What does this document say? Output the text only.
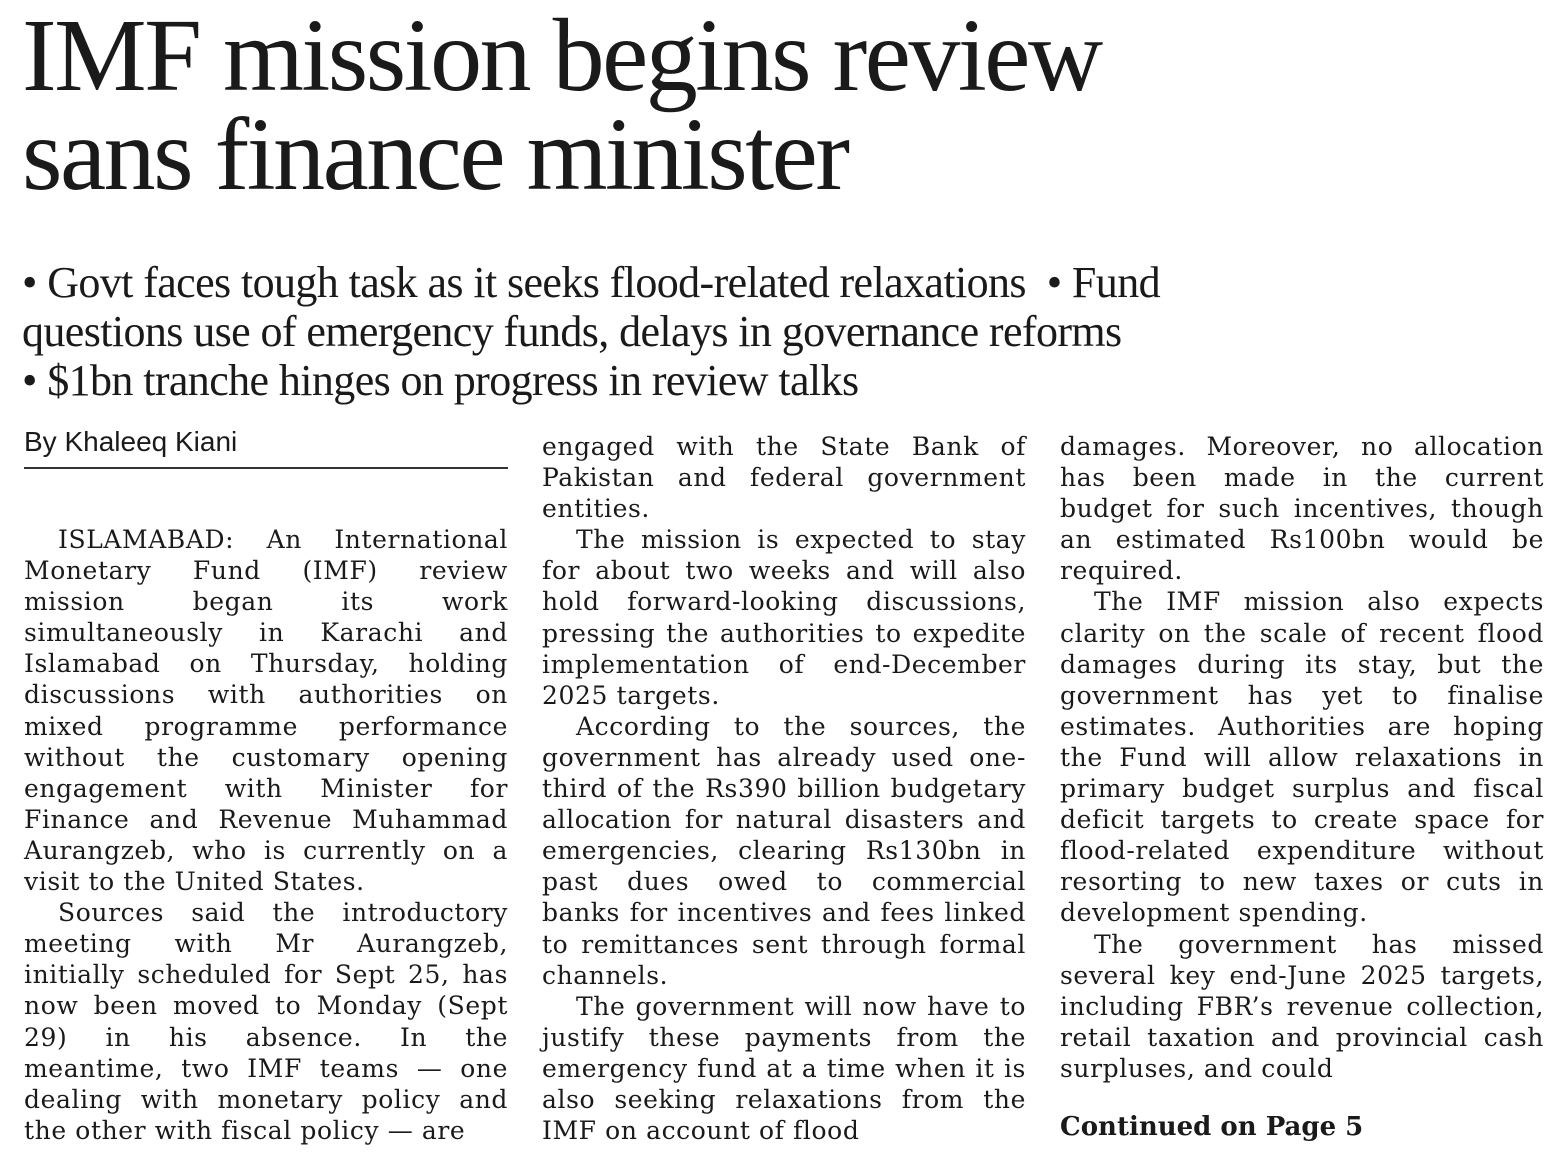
IMF mission begins review
sans finance minister
• Govt faces tough task as it seeks flood-related relaxations  • Fund
questions use of emergency funds, delays in governance reforms
• $1bn tranche hinges on progress in review talks
By Khaleeq Kiani

ISLAMABAD: An International Monetary Fund (IMF) review mission began its work simultaneously in Karachi and Islamabad on Thursday, holding discussions with authorities on mixed programme performance without the customary opening engagement with Minister for Finance and Revenue Muhammad Aurangzeb, who is currently on a visit to the United States.

Sources said the introductory meeting with Mr Aurangzeb, initially scheduled for Sept 25, has now been moved to Monday (Sept 29) in his absence. In the meantime, two IMF teams — one dealing with monetary policy and the other with fiscal policy — are

engaged with the State Bank of Pakistan and federal government entities.

The mission is expected to stay for about two weeks and will also hold forward-looking discussions, pressing the authorities to expedite implementation of end-December 2025 targets.

According to the sources, the government has already used one-third of the Rs390 billion budgetary allocation for natural disasters and emergencies, clearing Rs130bn in past dues owed to commercial banks for incentives and fees linked to remittances sent through formal channels.

The government will now have to justify these payments from the emergency fund at a time when it is also seeking relaxations from the IMF on account of flood

damages. Moreover, no allocation has been made in the current budget for such incentives, though an estimated Rs100bn would be required.

The IMF mission also expects clarity on the scale of recent flood damages during its stay, but the government has yet to finalise estimates. Authorities are hoping the Fund will allow relaxations in primary budget surplus and fiscal deficit targets to create space for flood-related expenditure without resorting to new taxes or cuts in development spending.

The government has missed several key end-June 2025 targets, including FBR’s revenue collection, retail taxation and provincial cash surpluses, and could

Continued on Page 5
